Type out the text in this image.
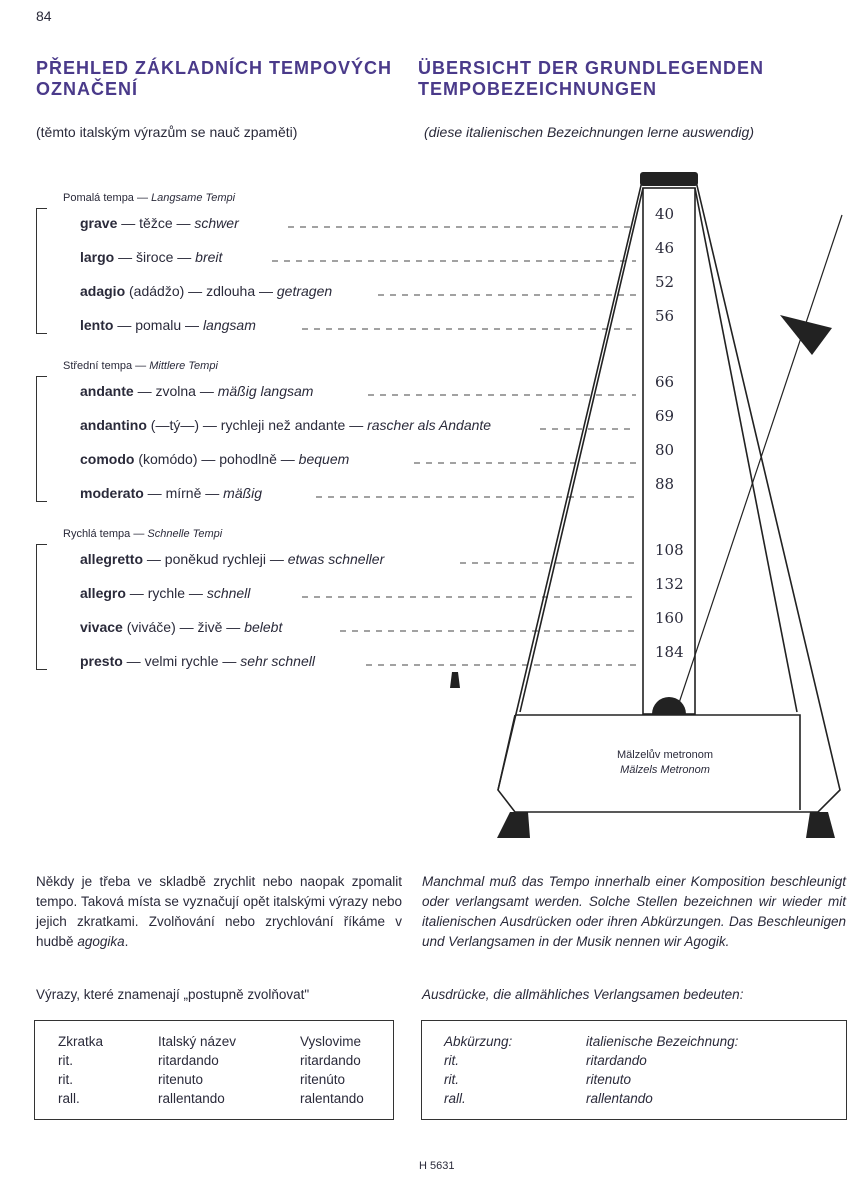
84
PŘEHLED ZÁKLADNÍCH TEMPOVÝCH OZNAČENÍ
ÜBERSICHT DER GRUNDLEGENDEN TEMPOBEZEICHNUNGEN
(těmto italským výrazům se nauč zpaměti)	(diese italienischen Bezeichnungen lerne auswendig)
Mälzelův metronom
Mälzels Metronom
Pomalá tempa — Langsame Tempi
grave — těžce — schwer	40
largo — široce — breit	46
adagio (adádžo) — zdlouha — getragen	52
lento — pomalu — langsam	56
Střední tempa — Mittlere Tempi
andante — zvolna — mäßig langsam	66
andantino (—tý—) — rychleji než andante — rascher als Andante	69
comodo (komódo) — pohodlně — bequem	80
moderato — mírně — mäßig	88
Rychlá tempa — Schnelle Tempi
allegretto — poněkud rychleji — etwas schneller	108
allegro — rychle — schnell	132
vivace (viváče) — živě — belebt	160
presto — velmi rychle — sehr schnell	184
Někdy je třeba ve skladbě zrychlit nebo naopak zpomalit tempo. Taková místa se vyznačují opět italskými výrazy nebo jejich zkratkami. Zvolňování nebo zrychlování říkáme v hudbě agogika.
Manchmal muß das Tempo innerhalb einer Komposition beschleunigt oder verlangsamt werden. Solche Stellen bezeichnen wir wieder mit italienischen Ausdrücken oder ihren Abkürzungen. Das Beschleunigen und Verlangsamen in der Musik nennen wir Agogik.
Výrazy, které znamenají „postupně zvolňovat"	Ausdrücke, die allmähliches Verlangsamen bedeuten:
Zkratka	Italský název	Vyslovime
rit.	ritardando	ritardando
rit.	ritenuto	ritenúto
rall.	rallentando	ralentando
Abkürzung:	italienische Bezeichnung:
rit.	ritardando
rit.	ritenuto
rall.	rallentando
H 5631
